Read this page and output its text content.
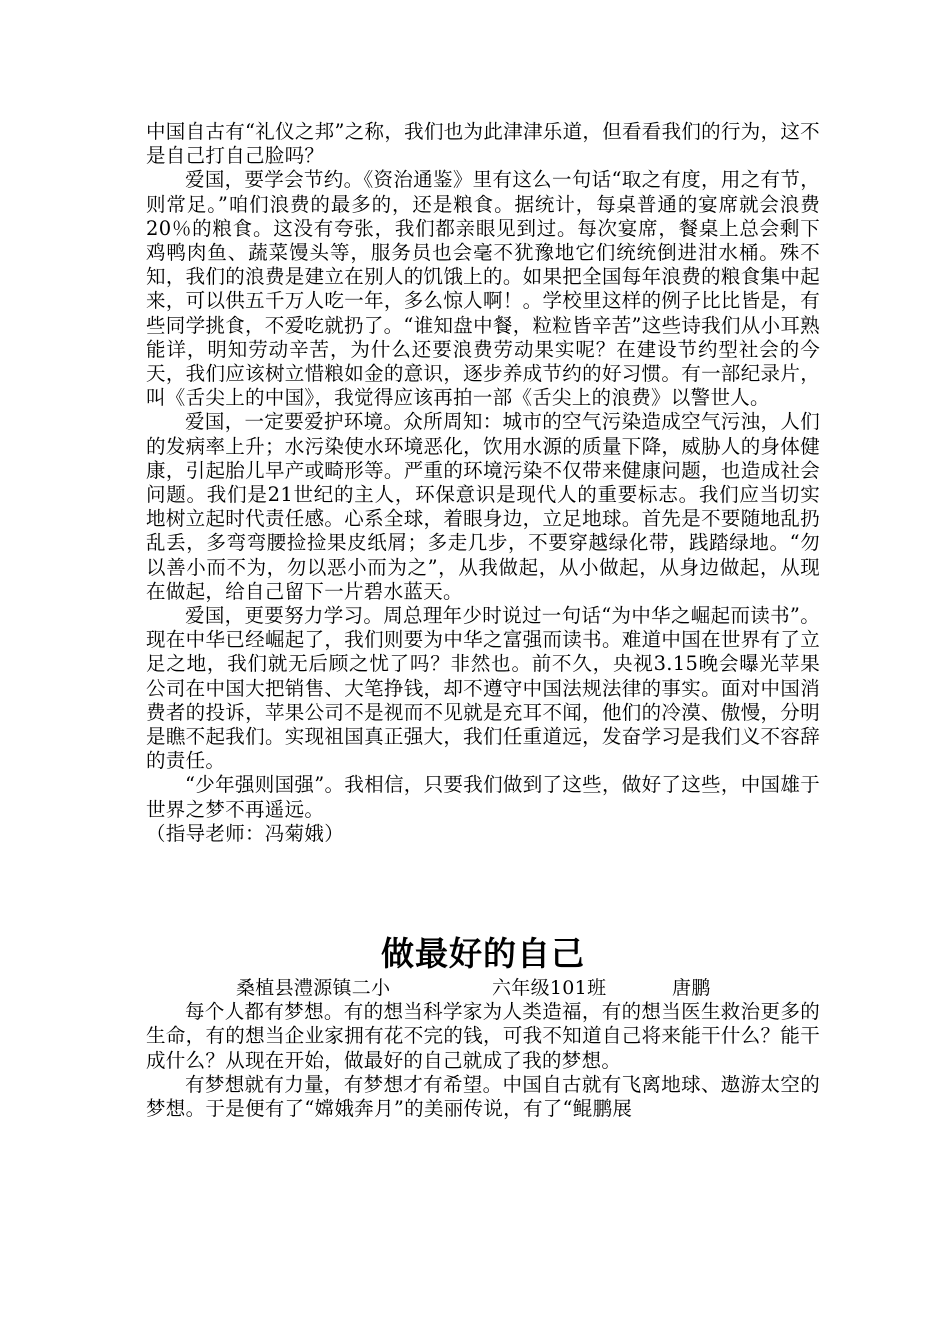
中国自古有“礼仪之邦”之称，我们也为此津津乐道，但看看我们的行为，这不是自己打自己脸吗？

爱国，要学会节约。《资治通鉴》里有这么一句话“取之有度，用之有节，则常足。”咱们浪费的最多的，还是粮食。据统计，每桌普通的宴席就会浪费20％的粮食。这没有夸张，我们都亲眼见到过。每次宴席，餐桌上总会剩下鸡鸭肉鱼、蔬菜馒头等，服务员也会毫不犹豫地它们统统倒进泔水桶。殊不知，我们的浪费是建立在别人的饥饿上的。如果把全国每年浪费的粮食集中起来，可以供五千万人吃一年，多么惊人啊！。学校里这样的例子比比皆是，有些同学挑食，不爱吃就扔了。“谁知盘中餐，粒粒皆辛苦”这些诗我们从小耳熟能详，明知劳动辛苦，为什么还要浪费劳动果实呢？在建设节约型社会的今天，我们应该树立惜粮如金的意识，逐步养成节约的好习惯。有一部纪录片，叫《舌尖上的中国》，我觉得应该再拍一部《舌尖上的浪费》以警世人。

爱国，一定要爱护环境。众所周知：城市的空气污染造成空气污浊，人们的发病率上升；水污染使水环境恶化，饮用水源的质量下降，威胁人的身体健康，引起胎儿早产或畸形等。严重的环境污染不仅带来健康问题，也造成社会问题。我们是21世纪的主人，环保意识是现代人的重要标志。我们应当切实地树立起时代责任感。心系全球，着眼身边，立足地球。首先是不要随地乱扔乱丢，多弯弯腰捡捡果皮纸屑；多走几步，不要穿越绿化带，践踏绿地。“勿以善小而不为，勿以恶小而为之”，从我做起，从小做起，从身边做起，从现在做起，给自己留下一片碧水蓝天。

爱国，更要努力学习。周总理年少时说过一句话“为中华之崛起而读书”。现在中华已经崛起了，我们则要为中华之富强而读书。难道中国在世界有了立足之地，我们就无后顾之忧了吗？非然也。前不久，央视3.15晚会曝光苹果公司在中国大把销售、大笔挣钱，却不遵守中国法规法律的事实。面对中国消费者的投诉，苹果公司不是视而不见就是充耳不闻，他们的冷漠、傲慢，分明是瞧不起我们。实现祖国真正强大，我们任重道远，发奋学习是我们义不容辞的责任。

“少年强则国强”。我相信，只要我们做到了这些，做好了这些，中国雄于世界之梦不再遥远。

（指导老师：冯菊娥）

做最好的自己
桑植县澧源镇二小	六年级101班	唐鹏

每个人都有梦想。有的想当科学家为人类造福，有的想当医生救治更多的生命，有的想当企业家拥有花不完的钱，可我不知道自己将来能干什么？能干成什么？从现在开始，做最好的自己就成了我的梦想。

有梦想就有力量，有梦想才有希望。中国自古就有飞离地球、遨游太空的梦想。于是便有了“嫦娥奔月”的美丽传说，有了“鲲鹏展
